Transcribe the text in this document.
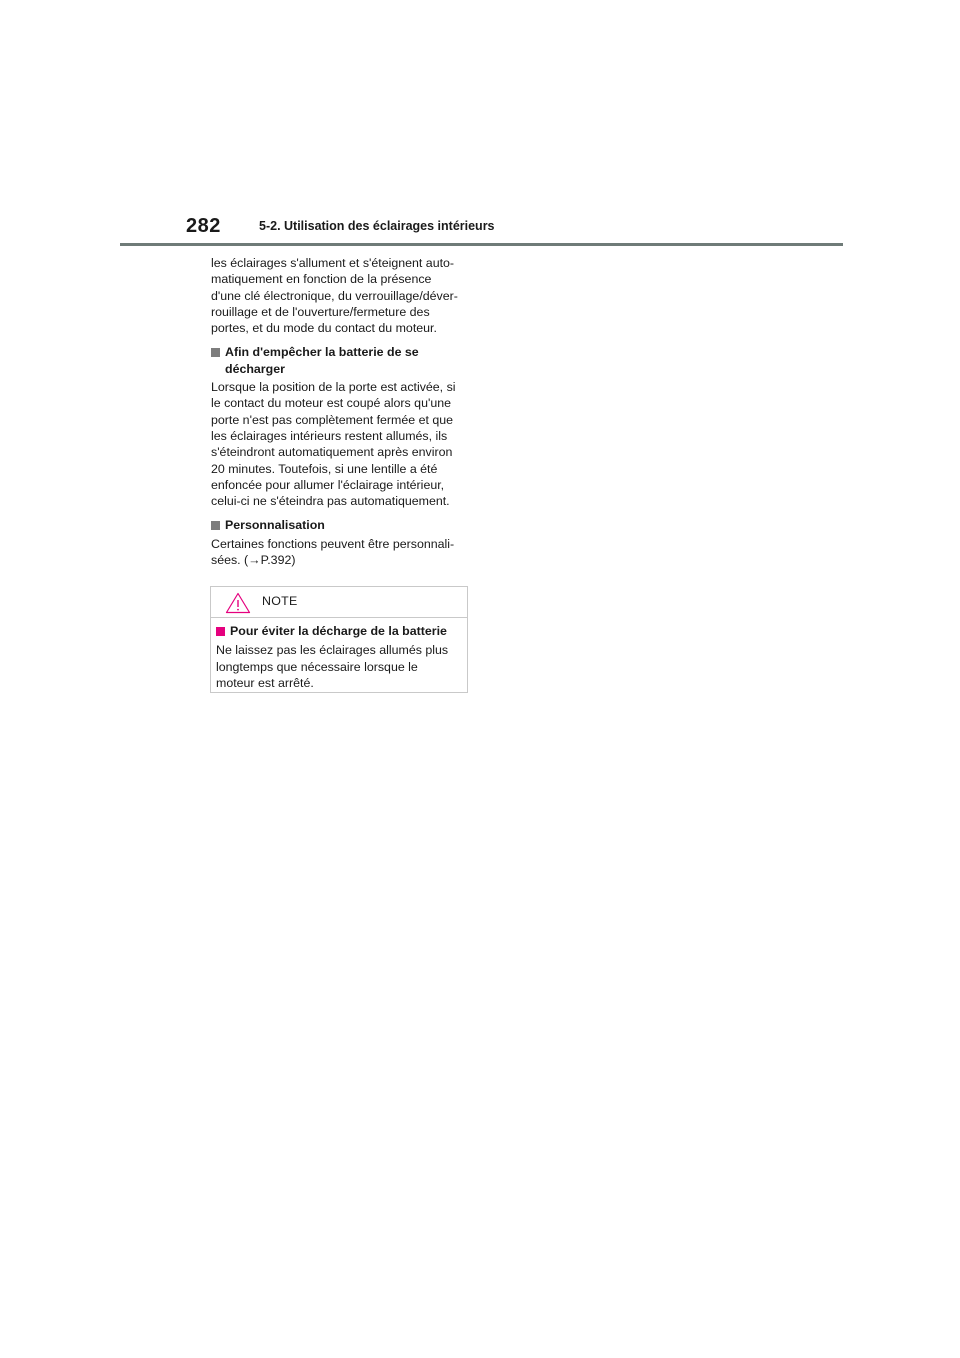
282	5-2. Utilisation des éclairages intérieurs

les éclairages s'allument et s'éteignent auto-
matiquement en fonction de la présence
d'une clé électronique, du verrouillage/déver-
rouillage et de l'ouverture/fermeture des
portes, et du mode du contact du moteur.

Afin d'empêcher la batterie de se
décharger

Lorsque la position de la porte est activée, si
le contact du moteur est coupé alors qu'une
porte n'est pas complètement fermée et que
les éclairages intérieurs restent allumés, ils
s'éteindront automatiquement après environ
20 minutes. Toutefois, si une lentille a été
enfoncée pour allumer l'éclairage intérieur,
celui-ci ne s'éteindra pas automatiquement.

Personnalisation

Certaines fonctions peuvent être personnali-
sées. (→P.392)

NOTE
Pour éviter la décharge de la batterie

Ne laissez pas les éclairages allumés plus
longtemps que nécessaire lorsque le
moteur est arrêté.
